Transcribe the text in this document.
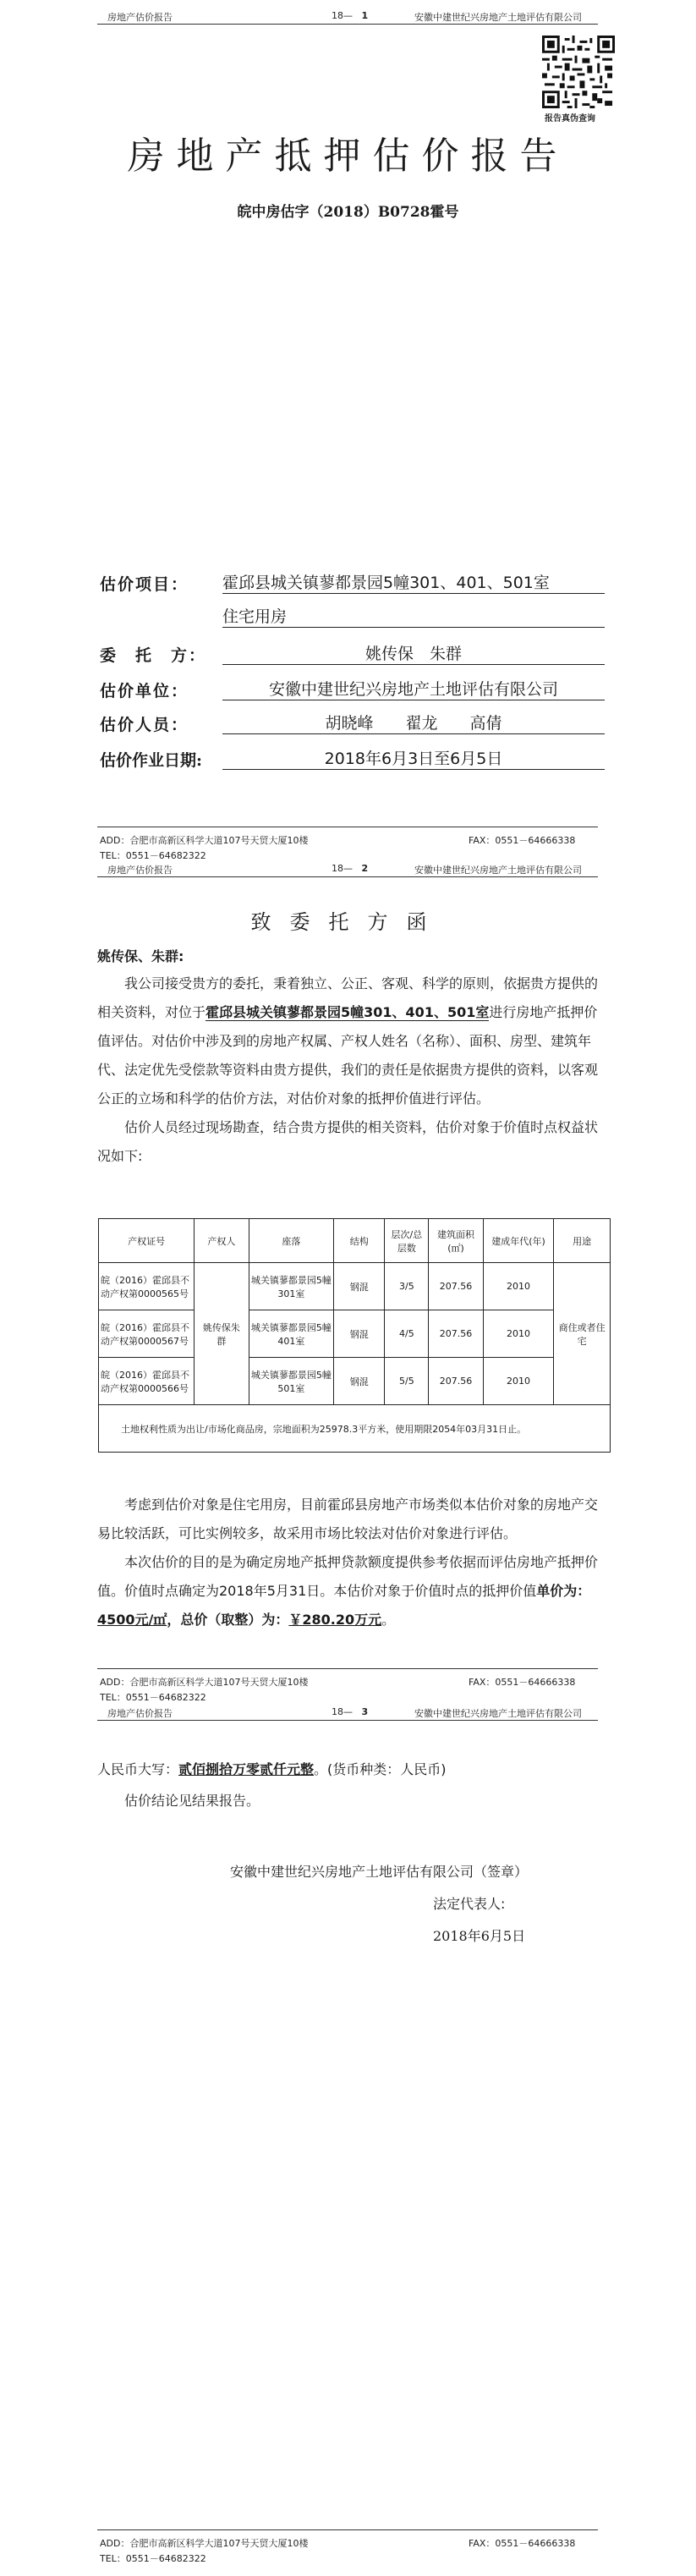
房地产估价报告	18— 1	安徽中建世纪兴房地产土地评估有限公司
报告真伪查询
房地产抵押估价报告
皖中房估字（2018）B0728霍号
估价项目： 霍邱县城关镇蓼都景园5幢301、401、501室
住宅用房
委　托　方：	姚传保　朱群
估价单位：	安徽中建世纪兴房地产土地评估有限公司
估价人员：	胡晓峰　　翟龙　　高倩
估价作业日期:	2018年6月3日至6月5日
ADD：合肥市高新区科学大道107号天贸大厦10楼	FAX：0551－64666338
TEL：0551－64682322
房地产估价报告	18— 2	安徽中建世纪兴房地产土地评估有限公司
致委托方函
姚传保、朱群:

我公司接受贵方的委托，秉着独立、公正、客观、科学的原则，依据贵方提供的相关资料，对位于霍邱县城关镇蓼都景园5幢301、401、501室进行房地产抵押价值评估。对估价中涉及到的房地产权属、产权人姓名（名称）、面积、房型、建筑年代、法定优先受偿款等资料由贵方提供，我们的责任是依据贵方提供的资料，以客观公正的立场和科学的估价方法，对估价对象的抵押价值进行评估。

估价人员经过现场勘查，结合贵方提供的相关资料，估价对象于价值时点权益状况如下:

产权证号	产权人	座落	结构	层次/总层数	建筑面积(㎡)	建成年代(年)	用途
皖（2016）霍邱县不动产权第0000565号	姚传保朱　群	城关镇蓼都景园5幢301室	钢混	3/5	207.56	2010	商住或者住宅
皖（2016）霍邱县不动产权第0000567号		城关镇蓼都景园5幢401室	钢混	4/5	207.56	2010	
皖（2016）霍邱县不动产权第0000566号		城关镇蓼都景园5幢501室	钢混	5/5	207.56	2010	
土地权利性质为出让/市场化商品房，宗地面积为25978.3平方米，使用期限2054年03月31日止。							

考虑到估价对象是住宅用房，目前霍邱县房地产市场类似本估价对象的房地产交易比较活跃，可比实例较多，故采用市场比较法对估价对象进行评估。

本次估价的目的是为确定房地产抵押贷款额度提供参考依据而评估房地产抵押价值。价值时点确定为2018年5月31日。本估价对象于价值时点的抵押价值单价为：4500元/㎡，总价（取整）为：￥280.20万元。

ADD：合肥市高新区科学大道107号天贸大厦10楼	FAX：0551－64666338
TEL：0551－64682322
房地产估价报告	18— 3	安徽中建世纪兴房地产土地评估有限公司
人民币大写：贰佰捌拾万零贰仟元整。(货币种类：人民币)

估价结论见结果报告。

安徽中建世纪兴房地产土地评估有限公司（签章）
法定代表人:
2018年6月5日
ADD：合肥市高新区科学大道107号天贸大厦10楼	FAX：0551－64666338
TEL：0551－64682322
